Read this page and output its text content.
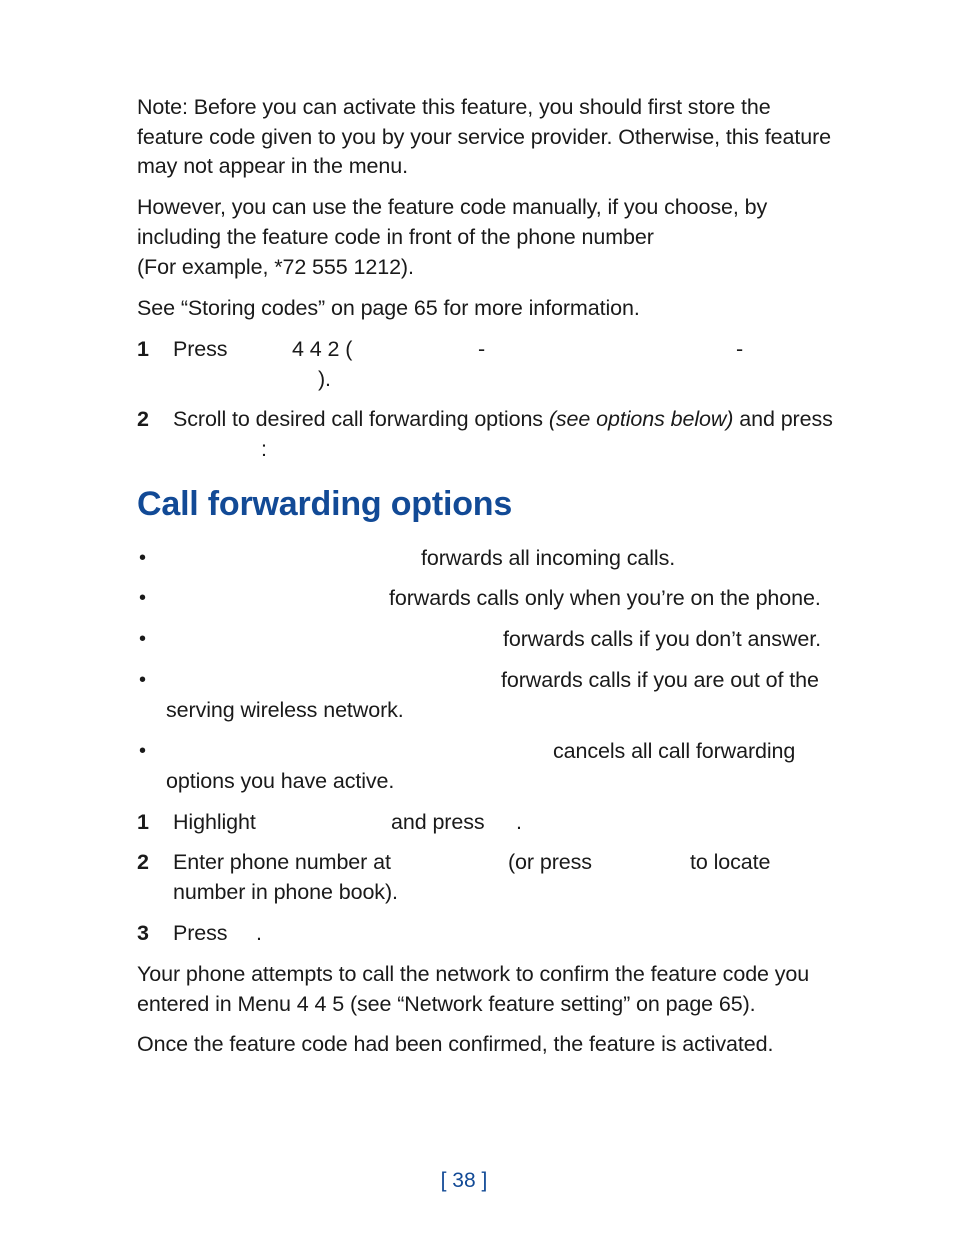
Note: Before you can activate this feature, you should first store the
feature code given to you by your service provider. Otherwise, this feature
may not appear in the menu.
However, you can use the feature code manually, if you choose, by
including the feature code in front of the phone number
(For example, *72 555 1212).
See “Storing codes” on page 65 for more information.
1 Press	4 4 2 (	-	-
).
2 Scroll to desired call forwarding options (see options below) and press
:
Call forwarding options
•	forwards all incoming calls.
•	forwards calls only when you’re on the phone.
•	forwards calls if you don’t answer.
•	forwards calls if you are out of the
serving wireless network.
•	cancels all call forwarding
options you have active.
1 Highlight	and press .
2 Enter phone number at	(or press	to locate
number in phone book).
3 Press .
Your phone attempts to call the network to confirm the feature code you
entered in Menu 4 4 5 (see “Network feature setting” on page 65).
Once the feature code had been confirmed, the feature is activated.
[ 38 ]
